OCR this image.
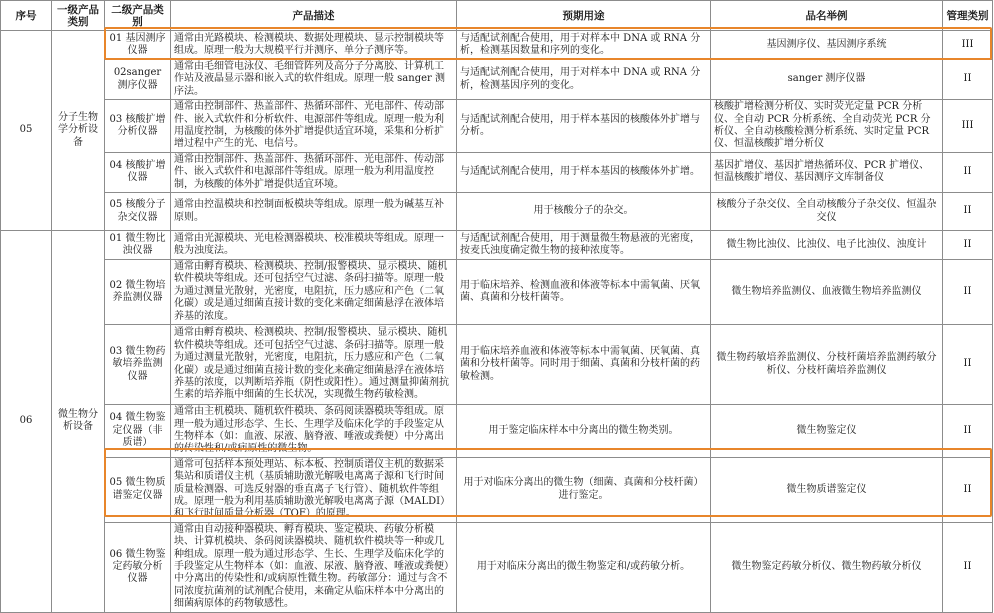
序号	一级产品类别	二级产品类别	产品描述	预期用途	品名举例	管理类别
05	分子生物学分析设备	01 基因测序仪器	通常由光路模块、检测模块、数据处理模块、显示控制模块等组成。原理一般为大规模平行并测序、单分子测序等。	与适配试剂配合使用，用于对样本中 DNA 或 RNA 分析，检测基因数量和序列的变化。	基因测序仪、基因测序系统	III
		02sanger 测序仪器	通常由毛细管电泳仪、毛细管阵列及高分子分离胶、计算机工作站及液晶显示器和嵌入式的软件组成。原理一般 sanger 测序法。	与适配试剂配合使用，用于对样本中 DNA 或 RNA 分析，检测基因序列的变化。	sanger 测序仪器	II
		03 核酸扩增分析仪器	通常由控制部件、热盖部件、热循环部件、光电部件、传动部件、嵌入式软件和分析软件、电源部件等组成。原理一般为利用温度控制，为核酸的体外扩增提供适宜环境，采集和分析扩增过程中产生的光、电信号。	与适配试剂配合使用，用于样本基因的核酸体外扩增与分析。	核酸扩增检测分析仪、实时荧光定量 PCR 分析仪、全自动 PCR 分析系统、全自动荧光 PCR 分析仪、全自动核酸检测分析系统、实时定量 PCR 仪、恒温核酸扩增分析仪	III
		04 核酸扩增仪器	通常由控制部件、热盖部件、热循环部件、光电部件、传动部件、嵌入式软件和电源部件等组成。原理一般为利用温度控制，为核酸的体外扩增提供适宜环境。	与适配试剂配合使用，用于样本基因的核酸体外扩增。	基因扩增仪、基因扩增热循环仪、PCR 扩增仪、恒温核酸扩增仪、基因测序文库制备仪	II
		05 核酸分子杂交仪器	通常由控温模块和控制面板模块等组成。原理一般为碱基互补原则。	用于核酸分子的杂交。	核酸分子杂交仪、全自动核酸分子杂交仪、恒温杂交仪	II
06	微生物分析设备	01 微生物比浊仪器	通常由光源模块、光电检测器模块、校准模块等组成。原理一般为浊度法。	与适配试剂配合使用，用于测量微生物悬液的光密度，按麦氏浊度确定微生物的接种浓度等。	微生物比浊仪、比浊仪、电子比浊仪、浊度计	II
		02 微生物培养监测仪器	通常由孵育模块、检测模块、控制/报警模块、显示模块、随机软件模块等组成。还可包括空气过滤、条码扫描等。原理一般为通过测量光散射，光密度，电阻抗，压力感应和产色（二氧化碳）或是通过细菌直接计数的变化来确定细菌悬浮在液体培养基的浓度。	用于临床培养、检测血液和体液等标本中需氧菌、厌氧菌、真菌和分枝杆菌等。	微生物培养监测仪、血液微生物培养监测仪	II
		03 微生物药敏培养监测仪器	通常由孵育模块、检测模块、控制/报警模块、显示模块、随机软件模块等组成。还可包括空气过滤、条码扫描等。原理一般为通过测量光散射，光密度，电阻抗，压力感应和产色（二氧化碳）或是通过细菌直接计数的变化来确定细菌悬浮在液体培养基的浓度，以判断培养瓶（阴性或阳性）。通过测量抑菌剂抗生素的培养瓶中细菌的生长状况，实现微生物药敏检测。	用于临床培养血液和体液等标本中需氧菌、厌氧菌、真菌和分枝杆菌等。同时用于细菌、真菌和分枝杆菌的药敏检测。	微生物药敏培养监测仪、分枝杆菌培养监测药敏分析仪、分枝杆菌培养监测仪	II
		04 微生物鉴定仪器（非质谱）	通常由主机模块、随机软件模块、条码阅读器模块等组成。原理一般为通过形态学、生长、生理学及临床化学的手段鉴定从生物样本（如：血液、尿液、脑脊液、唾液或粪便）中分离出的传染性和/或病原性的微生物。	用于鉴定临床样本中分离出的微生物类别。	微生物鉴定仪	II
		05 微生物质谱鉴定仪器	通常可包括样本预处理站、标本板、控制质谱仪主机的数据采集站和质谱仪主机（基质辅助激光解吸电离离子源和飞行时间质量检测器、可选反射器的垂直离子飞行管）、随机软件等组成。原理一般为利用基质辅助激光解吸电离离子源（MALDI）和飞行时间质量分析器（TOF）的原理。	用于对临床分离出的微生物（细菌、真菌和分枝杆菌）进行鉴定。	微生物质谱鉴定仪	II
		06 微生物鉴定药敏分析仪器	通常由自动接种器模块、孵育模块、鉴定模块、药敏分析模块、计算机模块、条码阅读器模块、随机软件模块等一种或几种组成。原理一般为通过形态学、生长、生理学及临床化学的手段鉴定从生物样本（如：血液、尿液、脑脊液、唾液或粪便）中分离出的传染性和/或病原性微生物。药敏部分：通过与含不同浓度抗菌剂的试剂配合使用，来确定从临床样本中分离出的细菌病原体的药物敏感性。	用于对临床分离出的微生物鉴定和/或药敏分析。	微生物鉴定药敏分析仪、微生物药敏分析仪	II
